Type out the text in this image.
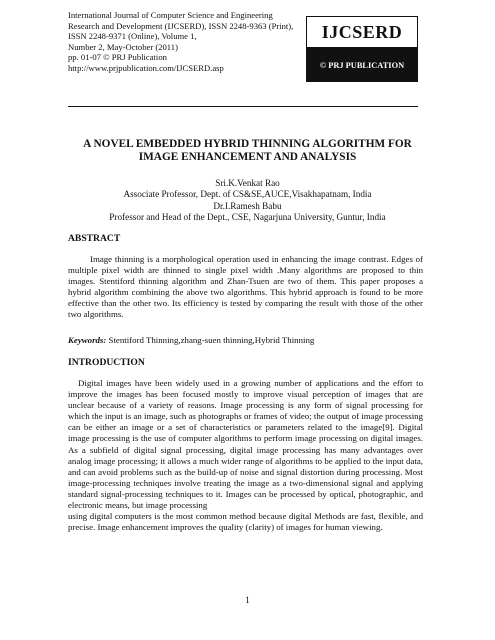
International Journal of Computer Science and Engineering
Research and Development (IJCSERD), ISSN 2248-9363 (Print),
ISSN 2248-9371 (Online), Volume 1,
Number 2, May-October (2011)
pp. 01-07 © PRJ Publication
http://www.prjpublication.com/IJCSERD.asp
IJCSERD
© PRJ PUBLICATION
A NOVEL EMBEDDED HYBRID THINNING ALGORITHM FOR
IMAGE ENHANCEMENT AND ANALYSIS
Sri.K.Venkat Rao
Associate Professor, Dept. of CS&SE,AUCE,Visakhapatnam, India
Dr.I.Ramesh Babu
Professor and Head of the Dept., CSE, Nagarjuna University, Guntur, India
ABSTRACT

Image thinning is a morphological operation used in enhancing the image contrast. Edges of multiple pixel width are thinned to single pixel width .Many algorithms are proposed to thin images. Stentiford thinning algorithm and Zhan-Tsuen are two of them. This paper proposes a hybrid algorithm combining the above two algorithms. This hybrid approach is found to be more effective than the other two. Its efficiency is tested by comparing the result with those of the other two algorithms.

Keywords: Stentiford Thinning,zhang-suen thinning,Hybrid Thinning
INTRODUCTION
Digital images have been widely used in a growing number of applications and the effort to improve the images has been focused mostly to improve visual perception of images that are unclear because of a variety of reasons. Image processing is any form of signal processing for which the input is an image, such as photographs or frames of video; the output of image processing can be either an image or a set of characteristics or parameters related to the image[9]. Digital image processing is the use of computer algorithms to perform image processing on digital images. As a subfield of digital signal processing, digital image processing has many advantages over analog image processing; it allows a much wider range of algorithms to be applied to the input data, and can avoid problems such as the build-up of noise and signal distortion during processing. Most image-processing techniques involve treating the image as a two-dimensional signal and applying standard signal-processing techniques to it. Images can be processed by optical, photographic, and electronic means, but image processing
using digital computers is the most common method because digital Methods are fast, flexible, and precise. Image enhancement improves the quality (clarity) of images for human viewing.
1
